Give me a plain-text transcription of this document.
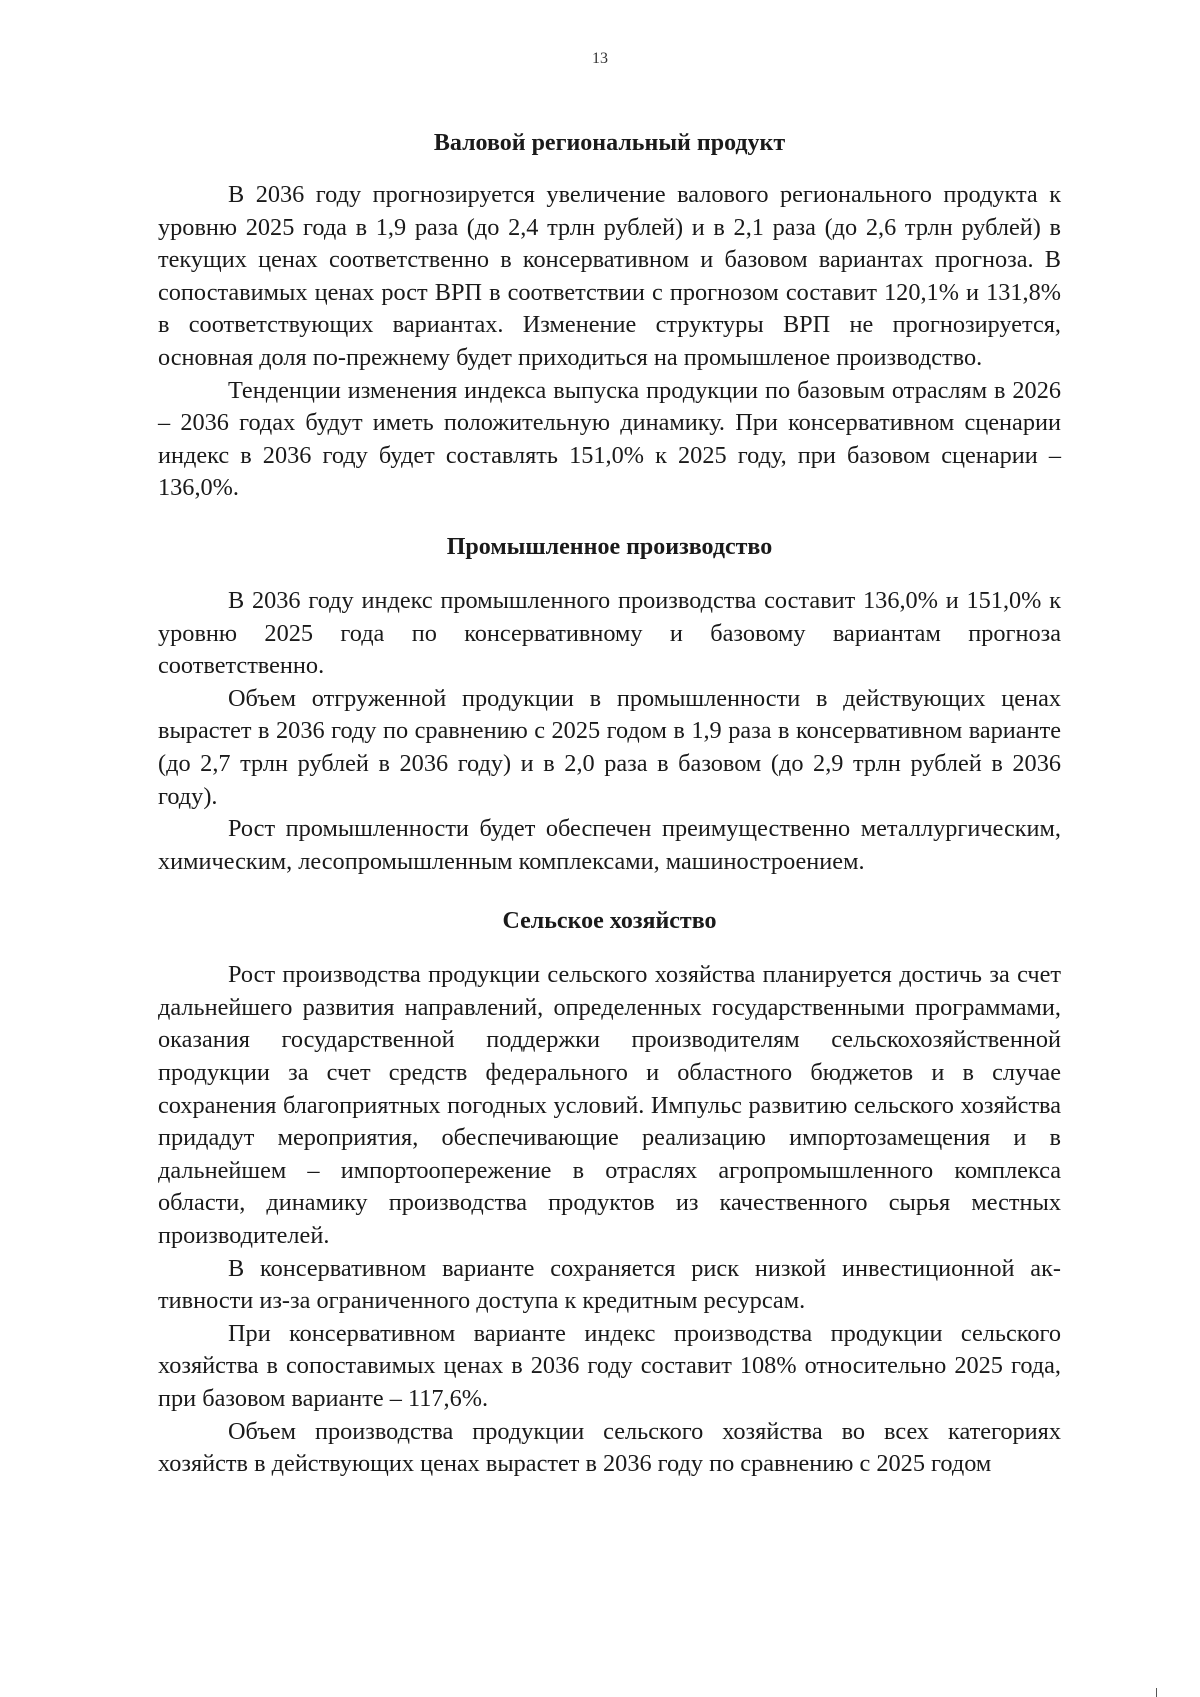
13
Валовой региональный продукт

В 2036 году прогнозируется увеличение валового регионального продукта к уровню 2025 года в 1,9 раза (до 2,4 трлн рублей) и в 2,1 раза (до 2,6 трлн рублей) в текущих ценах соответственно в консервативном и базовом вариантах прогноза. В сопоставимых ценах рост ВРП в соответствии с прогнозом составит 120,1% и 131,8% в соответствующих вариантах. Изменение структуры ВРП не прогнозируется, основная доля по-прежнему будет приходиться на промышленое производство.

Тенденции изменения индекса выпуска продукции по базовым отраслям в 2026 – 2036 годах будут иметь положительную динамику. При консервативном сценарии индекс в 2036 году будет составлять 151,0% к 2025 году, при базовом сценарии – 136,0%.

Промышленное производство

В 2036 году индекс промышленного производства составит 136,0% и 151,0% к уровню 2025 года по консервативному и базовому вариантам прогноза соответственно.

Объем отгруженной продукции в промышленности в действующих ценах вырастет в 2036 году по сравнению с 2025 годом в 1,9 раза в консервативном варианте (до 2,7 трлн рублей в 2036 году) и в 2,0 раза в базовом (до 2,9 трлн рублей в 2036 году).

Рост промышленности будет обеспечен преимущественно металлургическим, химическим, лесопромышленным комплексами, машиностроением.

Сельское хозяйство

Рост производства продукции сельского хозяйства планируется достичь за счет дальнейшего развития направлений, определенных государственными программами, оказания государственной поддержки производителям сельскохозяйственной продукции за счет средств федерального и областного бюджетов и в случае сохранения благоприятных погодных условий. Импульс развитию сельского хозяйства придадут мероприятия, обеспечивающие реализацию импортозамещения и в дальнейшем – импортоопережение в отраслях агропромышленного комплекса области, динамику производства продуктов из качественного сырья местных производителей.

В консервативном варианте сохраняется риск низкой инвестиционной активности из-за ограниченного доступа к кредитным ресурсам.

При консервативном варианте индекс производства продукции сельского хозяйства в сопоставимых ценах в 2036 году составит 108% относительно 2025 года, при базовом варианте – 117,6%.

Объем производства продукции сельского хозяйства во всех категориях хозяйств в действующих ценах вырастет в 2036 году по сравнению с 2025 годом
